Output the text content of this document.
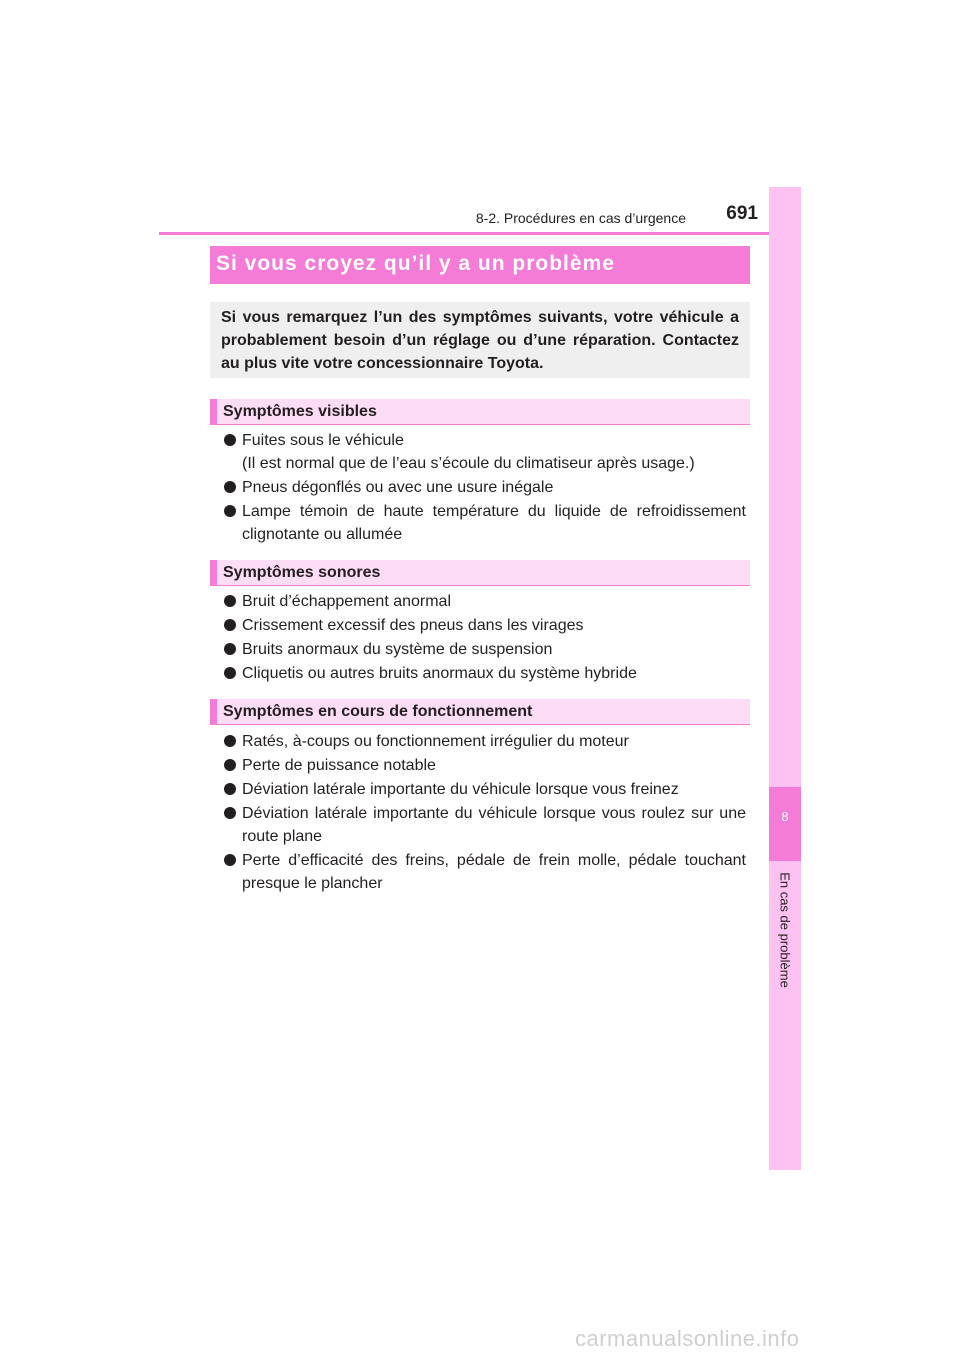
8-2. Procédures en cas d’urgence	691
8
En cas de problème
Si vous croyez qu’il y a un problème

Si vous remarquez l’un des symptômes suivants, votre véhicule a probablement besoin d’un réglage ou d’une réparation. Contactez au plus vite votre concessionnaire Toyota.

Symptômes visibles
Fuites sous le véhicule
(Il est normal que de l’eau s’écoule du climatiseur après usage.)
Pneus dégonflés ou avec une usure inégale
Lampe témoin de haute température du liquide de refroidissement clignotante ou allumée
Symptômes sonores
Bruit d’échappement anormal
Crissement excessif des pneus dans les virages
Bruits anormaux du système de suspension
Cliquetis ou autres bruits anormaux du système hybride
Symptômes en cours de fonctionnement
Ratés, à-coups ou fonctionnement irrégulier du moteur
Perte de puissance notable
Déviation latérale importante du véhicule lorsque vous freinez
Déviation latérale importante du véhicule lorsque vous roulez sur une route plane
Perte d’efficacité des freins, pédale de frein molle, pédale touchant presque le plancher
carmanualsonline.info
